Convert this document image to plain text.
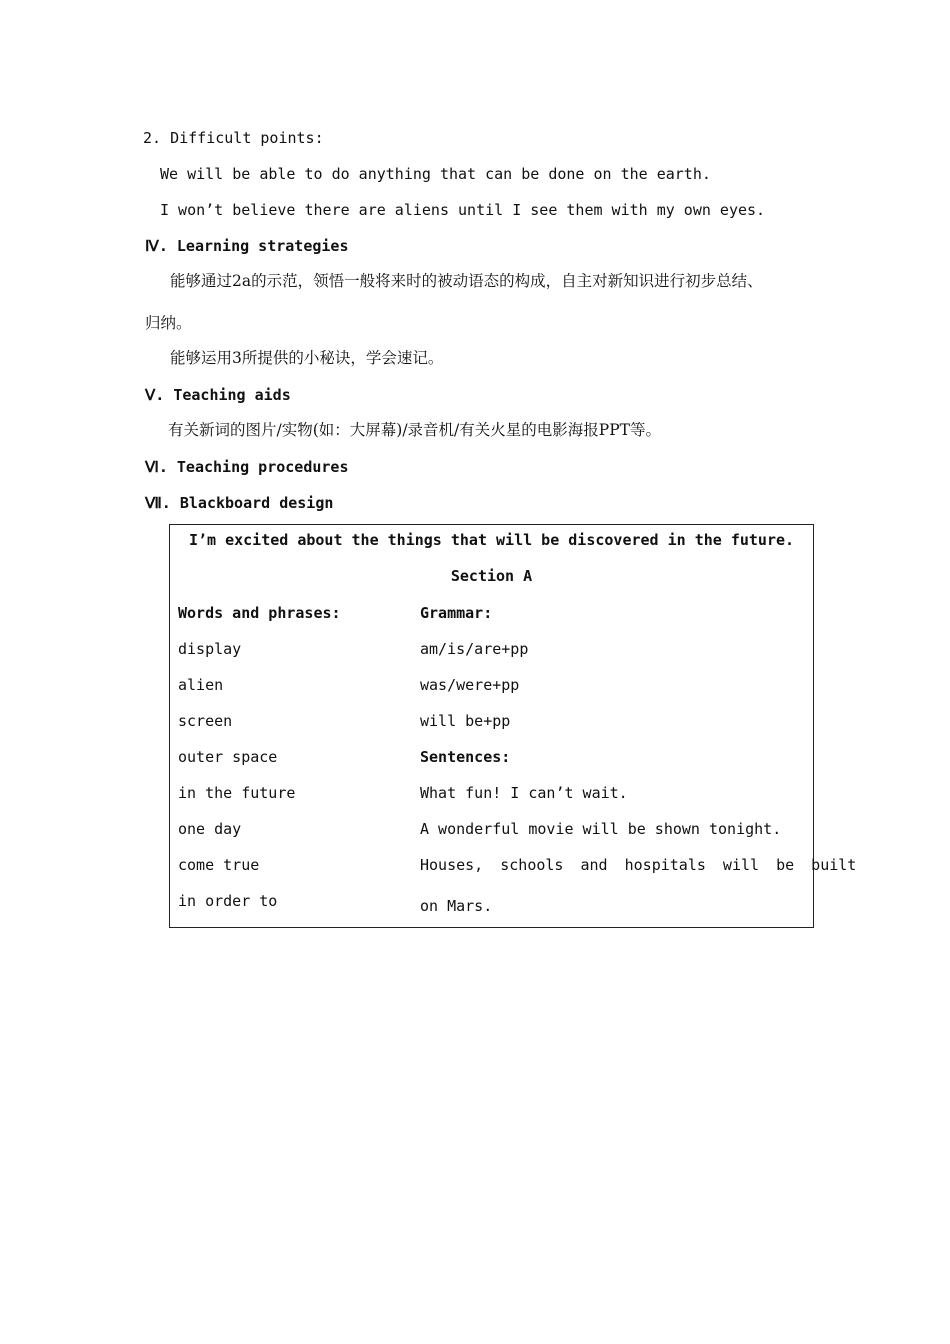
2. Difficult points:
We will be able to do anything that can be done on the earth.
I won’t believe there are aliens until I see them with my own eyes.
Ⅳ. Learning strategies
能够通过2a的示范，领悟一般将来时的被动语态的构成，自主对新知识进行初步总结、
归纳。
能够运用3所提供的小秘诀，学会速记。
Ⅴ. Teaching aids
有关新词的图片/实物(如：大屏幕)/录音机/有关火星的电影海报PPT等。
Ⅵ. Teaching procedures
Ⅶ. Blackboard design
I’m excited about the things that will be discovered in the future.
Section A
Words and phrases:
display
alien
screen
outer space
in the future
one day
come true
in order to
Grammar:
am/is/are+pp
was/were+pp
will be+pp
Sentences:
What fun! I can’t wait.
A wonderful movie will be shown tonight.
Houses, schools and hospitals will be built
on Mars.
